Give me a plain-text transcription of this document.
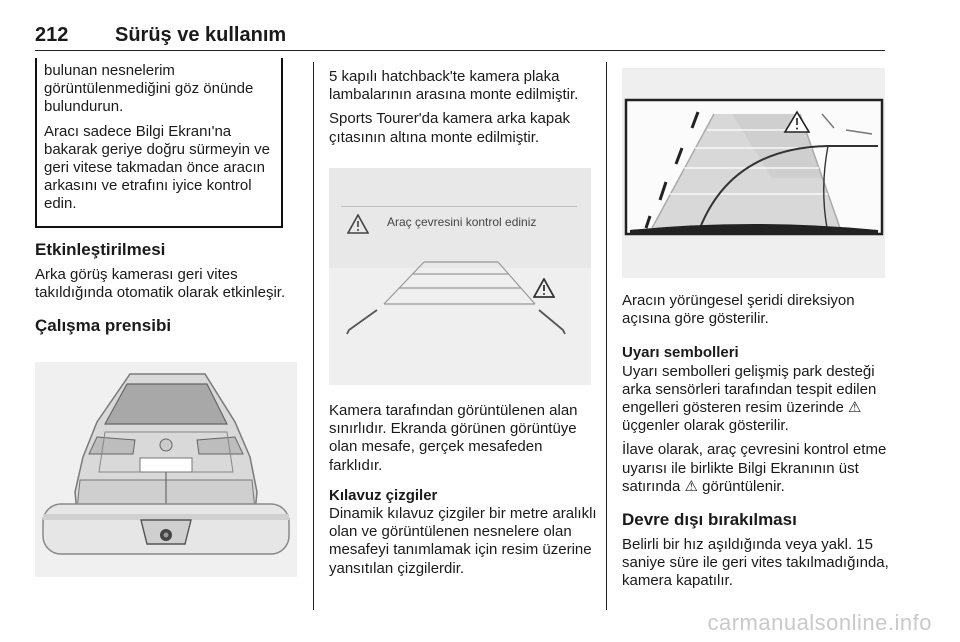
212 Sürüş ve kullanım

bulunan nesnelerim görüntülenmediğini göz önünde bulundurun.

Aracı sadece Bilgi Ekranı'na bakarak geriye doğru sürmeyin ve geri vitese takmadan önce aracın arkasını ve etrafını iyice kontrol edin.

Etkinleştirilmesi

Arka görüş kamerası geri vites takıldığında otomatik olarak etkinleşir.

Çalışma prensibi

5 kapılı hatchback'te kamera plaka lambalarının arasına monte edilmiştir.

Sports Tourer'da kamera arka kapak çıtasının altına monte edilmiştir.

Araç çevresini kontrol ediniz

Kamera tarafından görüntülenen alan sınırlıdır. Ekranda görünen görüntüye olan mesafe, gerçek mesafeden farklıdır.

Kılavuz çizgiler

Dinamik kılavuz çizgiler bir metre aralıklı olan ve görüntülenen nesnelere olan mesafeyi tanımlamak için resim üzerine yansıtılan çizgilerdir.

Aracın yörüngesel şeridi direksiyon açısına göre gösterilir.

Uyarı sembolleri

Uyarı sembolleri gelişmiş park desteği arka sensörleri tarafından tespit edilen engelleri gösteren resim üzerinde ⚠üçgenler olarak gösterilir.

İlave olarak, araç çevresini kontrol etme uyarısı ile birlikte Bilgi Ekranının üst satırında ⚠ görüntülenir.

Devre dışı bırakılması

Belirli bir hız aşıldığında veya yakl. 15 saniye süre ile geri vites takılmadığında, kamera kapatılır.

carmanualsonline.info
